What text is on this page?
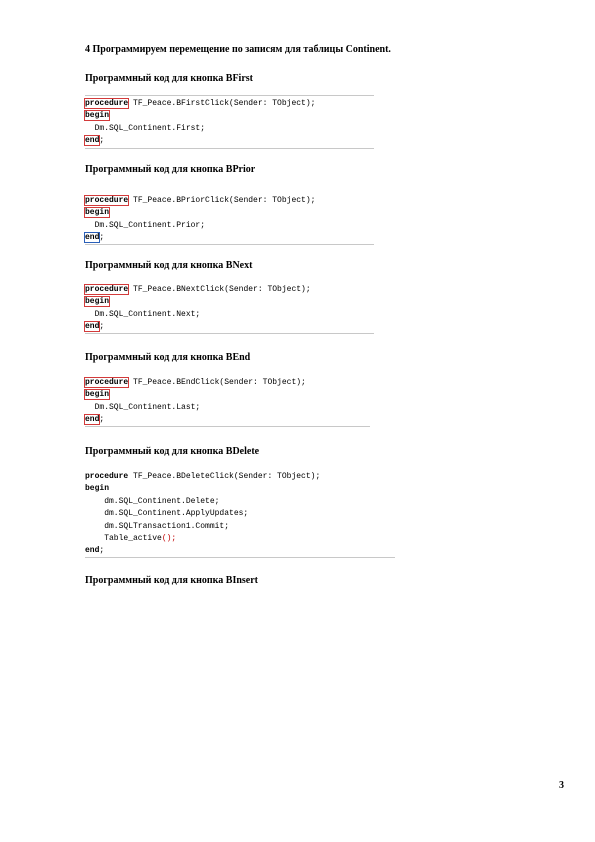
4 Программируем перемещение по записям для таблицы Continent.
Программный код для кнопка BFirst
procedure TF_Peace.BFirstClick(Sender: TObject);
begin
Dm.SQL_Continent.First;
end;
Программный код для кнопка BPrior
procedure TF_Peace.BPriorClick(Sender: TObject);
begin
Dm.SQL_Continent.Prior;
end;
Программный код для кнопка BNext
procedure TF_Peace.BNextClick(Sender: TObject);
begin
Dm.SQL_Continent.Next;
end;
Программный код для кнопка BEnd
procedure TF_Peace.BEndClick(Sender: TObject);
begin
Dm.SQL_Continent.Last;
end;
Программный код для кнопка BDelete
procedure TF_Peace.BDeleteClick(Sender: TObject);
begin
dm.SQL_Continent.Delete;
dm.SQL_Continent.ApplyUpdates;
dm.SQLTransaction1.Commit;
Table_active();
end;
Программный код для кнопка BInsert
3
